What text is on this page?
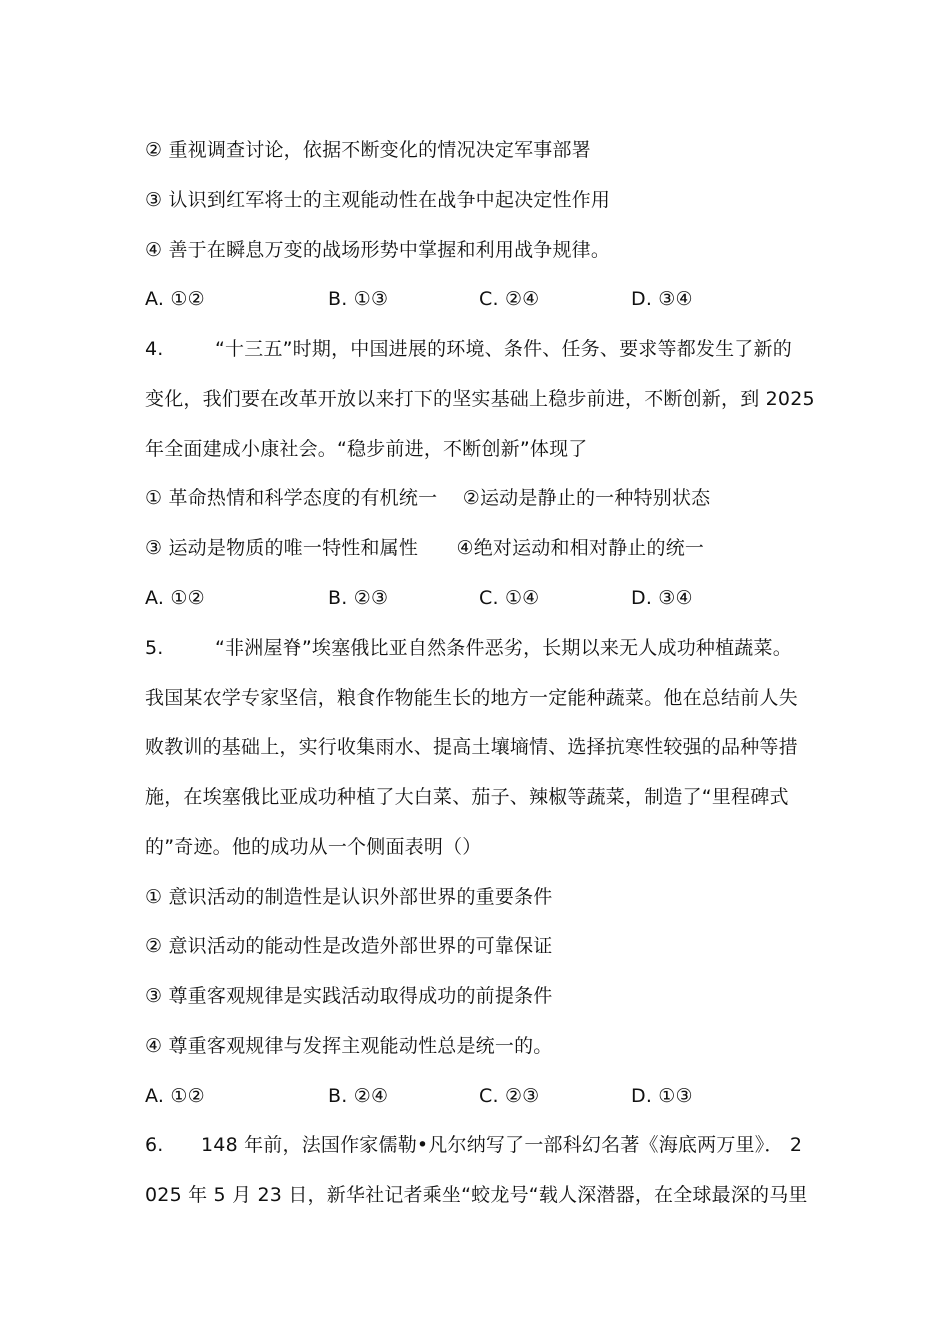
② 重视调查讨论，依据不断变化的情况决定军事部署
③ 认识到红军将士的主观能动性在战争中起决定性作用
④ 善于在瞬息万变的战场形势中掌握和利用战争规律。
A. ①②	B. ①③	C. ②④	D. ③④
4.	“十三五”时期，中国进展的环境、条件、任务、要求等都发生了新的
变化，我们要在改革开放以来打下的坚实基础上稳步前进，不断创新，到 2025
年全面建成小康社会。“稳步前进，不断创新”体现了
① 革命热情和科学态度的有机统一　 ②运动是静止的一种特别状态
③ 运动是物质的唯一特性和属性　　④绝对运动和相对静止的统一
A. ①②	B. ②③	C. ①④	D. ③④
5.	“非洲屋脊”埃塞俄比亚自然条件恶劣，长期以来无人成功种植蔬菜。
我国某农学专家坚信，粮食作物能生长的地方一定能种蔬菜。他在总结前人失
败教训的基础上，实行收集雨水、提高土壤墒情、选择抗寒性较强的品种等措
施，在埃塞俄比亚成功种植了大白菜、茄子、辣椒等蔬菜，制造了“里程碑式
的”奇迹。他的成功从一个侧面表明（）
① 意识活动的制造性是认识外部世界的重要条件
② 意识活动的能动性是改造外部世界的可靠保证
③ 尊重客观规律是实践活动取得成功的前提条件
④ 尊重客观规律与发挥主观能动性总是统一的。
A. ①②	B. ②④	C. ②③	D. ①③
6. 148 年前，法国作家儒勒•凡尔纳写了一部科幻名著《海底两万里》． 2
025 年 5 月 23 日，新华社记者乘坐“蛟龙号“载人深潜器，在全球最深的马里
